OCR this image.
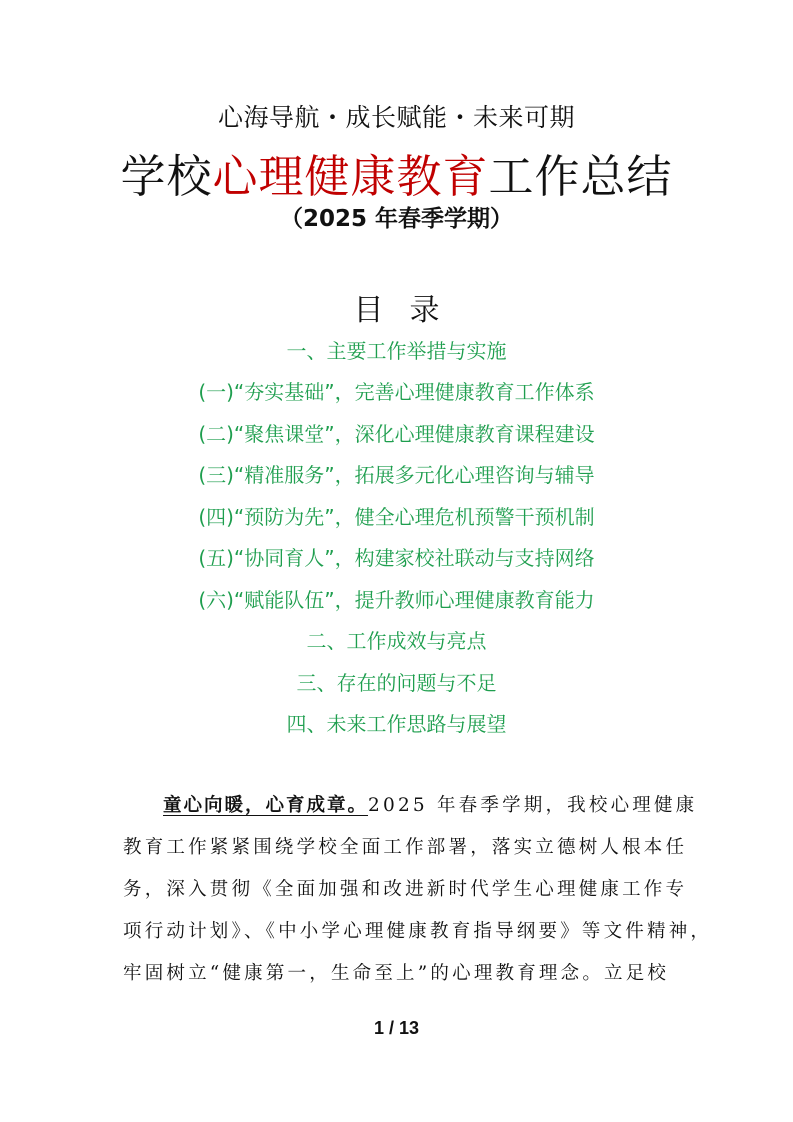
心海导航・成长赋能・未来可期
学校心理健康教育工作总结
（2025 年春季学期）
目 录
一、主要工作举措与实施
(一)“夯实基础”，完善心理健康教育工作体系
(二)“聚焦课堂”，深化心理健康教育课程建设
(三)“精准服务”，拓展多元化心理咨询与辅导
(四)“预防为先”，健全心理危机预警干预机制
(五)“协同育人”，构建家校社联动与支持网络
(六)“赋能队伍”，提升教师心理健康教育能力
二、工作成效与亮点
三、存在的问题与不足
四、未来工作思路与展望
童心向暖，心育成章。2025 年春季学期，我校心理健康
教育工作紧紧围绕学校全面工作部署，落实立德树人根本任
务，深入贯彻《全面加强和改进新时代学生心理健康工作专
项行动计划》、《中小学心理健康教育指导纲要》等文件精神，
牢固树立“健康第一，生命至上”的心理教育理念。立足校
1 / 13
